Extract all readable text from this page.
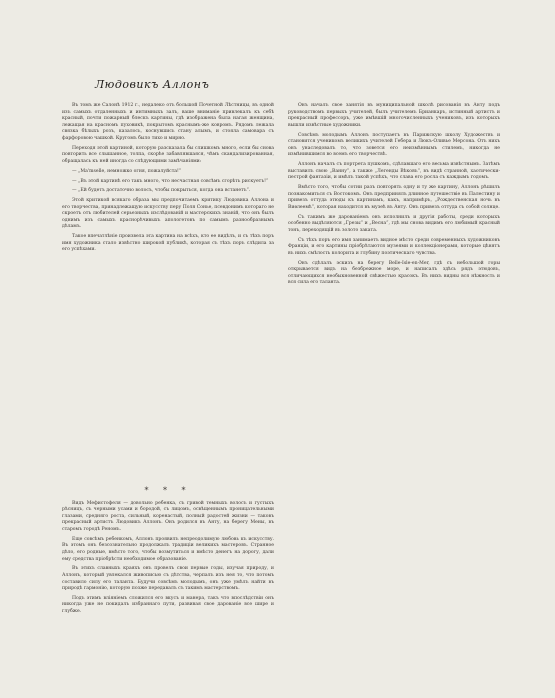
Людовикъ Аллонъ

Въ томъ же Салонѣ 1912 г., недалеко отъ большой Почетной Лѣстницы, въ одной изъ самыхъ отдаленныхъ и интимныхъ залъ, ваше вниманіе привлекалъ къ себѣ красный, почти пожарный блескъ картины, гдѣ изображена была нагая женщина, лежащая на красномъ пуховикѣ, покрытомъ краснымъ-же ковромъ. Рядомъ лежала связка бѣлыхъ розъ, казалось, коснувшись стану алымъ, и стояла самовара съ фарфоровою чашкой. Кругомъ было тихо и мирно.

Переходя этой картиной, которую разсказала бы слишкомъ много, если бы снова повторить все слышанное, толпа, скорѣе забавлявшаяся, чѣмъ скандализированная, обращалась къ ней иногда со слѣдующими замѣчаніями:

— „Ma'mselle, немножко огня, пожалуйста!“

— „Въ этой картинѣ его такъ много, что несчастная совсѣмъ сгорѣть рискуетъ!“

— „Ей будетъ достаточно волосъ, чтобы покрыться, когда она встанетъ“.

Этой критикой всякаго образа мы предпочитаемъ критику Людовика Аллона и его творчества, принадлежащую искусству перу Поля Сонье, псевдонимъ котораго не скроетъ отъ любителей серьезныхъ изслѣдованій и мастерскихъ знаній, что онъ былъ однимъ изъ самыхъ краснорѣчивыхъ апологетовъ по самымъ разнообразнымъ дѣламъ.

Такое впечатлѣніе произвела эта картина на всѣхъ, кто ее видѣлъ, и съ тѣхъ поръ имя художника стало извѣстно широкой публикѣ, которая съ тѣхъ поръ слѣдила за его успѣхами.

* * *

Видъ Мефистофеля — довольно ребенка, съ гривой темныхъ волосъ и густыхъ рѣсницъ, съ черными усами и бородой, съ лицомъ, освѣщеннымъ проницательными глазами, средняго роста, сильный, коренастый, полный радостей жизни — таковъ прекрасный артистъ Людовикъ Аллонъ. Онъ родился въ Анту, на берегу Мены, въ старомъ городѣ Реномъ.

Еще совсѣмъ ребенкомъ, Аллонъ проявилъ непреодолимую любовь къ искусству. Въ этомъ онъ безсознательно продолжалъ традиціи великихъ мастеровъ. Странное дѣло, его родные, вмѣсто того, чтобы возмутиться и вмѣсто денегъ на дорогу, дали ему средства пріобрѣсти необходимое образованіе.

Въ этихъ славныхъ краяхъ онъ провелъ свои первые годы, изучая природу, и Аллонъ, который увлекался живописью съ дѣтства, черпалъ изъ нея то, что потомъ составило силу его таланта. Будучи совсѣмъ молодымъ, онъ уже умѣлъ найти въ природѣ гармонію, которую позже передавалъ съ такимъ мастерствомъ.

Подъ этимъ вліяніемъ сложился его вкусъ и манера, такъ что впослѣдствіи онъ никогда уже не покидалъ избраннаго пути, развивая свое дарованіе все шире и глубже.

Онъ началъ свое занятія въ муниципальной школѣ рисованія въ Анту подъ руководствомъ первыхъ учителей, былъ учителемъ Брианкаръ, истинный артистъ и прекрасный профессоръ, уже имѣвшій многочисленныхъ учениковъ, изъ которыхъ вышли извѣстные художники.

Совсѣмъ молодымъ Аллонъ поступаетъ въ Парижскую школу Художествъ и становится ученикомъ великихъ учителей Гебера и Люкъ-Оливье Мерсона. Отъ нихъ онъ унаследовалъ то, что зовется его неизмѣннымъ стилемъ, никогда не измѣнившимся во всемъ его творчествѣ.

Аллонъ началъ съ портрета пушкомъ, сдѣлавшаго его весьма извѣстнымъ. Затѣмъ выставилъ свою „Ванну“, а также „Легенды Вѣковъ“, въ видѣ странной, хаотически-пестрой фантазіи, и имѣлъ такой успѣхъ, что слава его росла съ каждымъ годомъ.

Вмѣсто того, чтобы сотни разъ повторять одну и ту же картину, Аллонъ рѣшилъ познакомиться съ Востокомъ. Онъ предпринялъ длинное путешествіе въ Палестину и привезъ оттуда этюды къ картинамъ, какъ, напримѣръ, „Рождественская ночь въ Виѳлеемѣ“, которая находится въ музеѣ въ Анту. Онъ привезъ оттуда съ собой солнце.

Съ такимъ же дарованіемъ онъ исполнилъ и другія работы, среди которыхъ особенно выдѣляются „Грезы“ и „Весна“, гдѣ мы снова видимъ его любимый красный тонъ, переходящій въ золото заката.

Съ тѣхъ поръ его имя занимаетъ видное мѣсто среди современныхъ художниковъ Франціи, и его картины пріобрѣтаются музеями и коллекціонерами, которые цѣнятъ въ нихъ смѣлость колорита и глубину поэтическаго чувства.

Онъ сдѣлалъ эскизъ на берегу Belle-Isle-en-Mer, гдѣ съ небольшой горы открывается видъ на безбрежное море, и написалъ здѣсь рядъ этюдовъ, отличающихся необыкновенной свѣжестью красокъ. Въ нихъ видны вся нѣжность и вся сила его таланта.
